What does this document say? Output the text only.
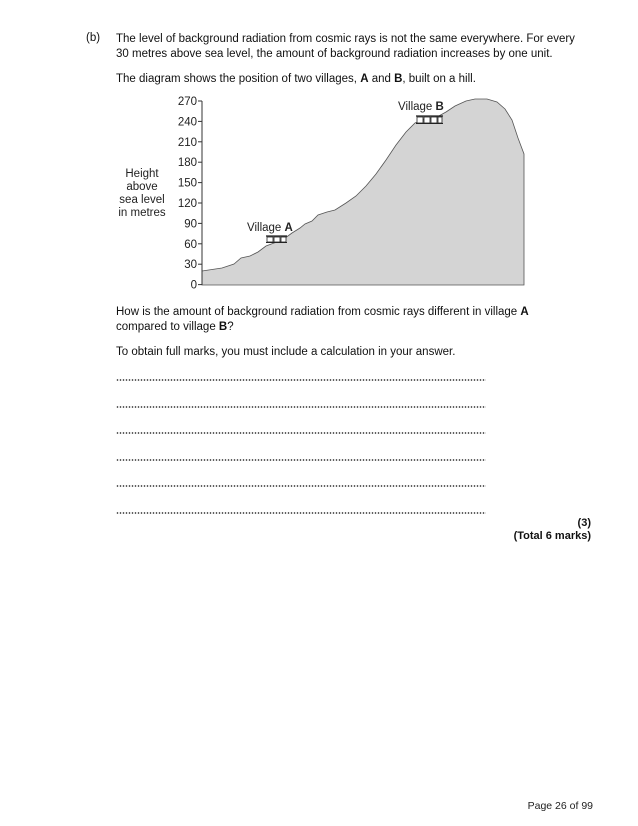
(b) The level of background radiation from cosmic rays is not the same everywhere. For every
30 metres above sea level, the amount of background radiation increases by one unit.
The diagram shows the position of two villages, A and B, built on a hill.
270
240
210
180
150
120
90
60
30
0
Height
above
sea level
in metres
Village A
Village B
How is the amount of background radiation from cosmic rays different in village A
compared to village B?
To obtain full marks, you must include a calculation in your answer.
(3)
(Total 6 marks)
Page 26 of 99
